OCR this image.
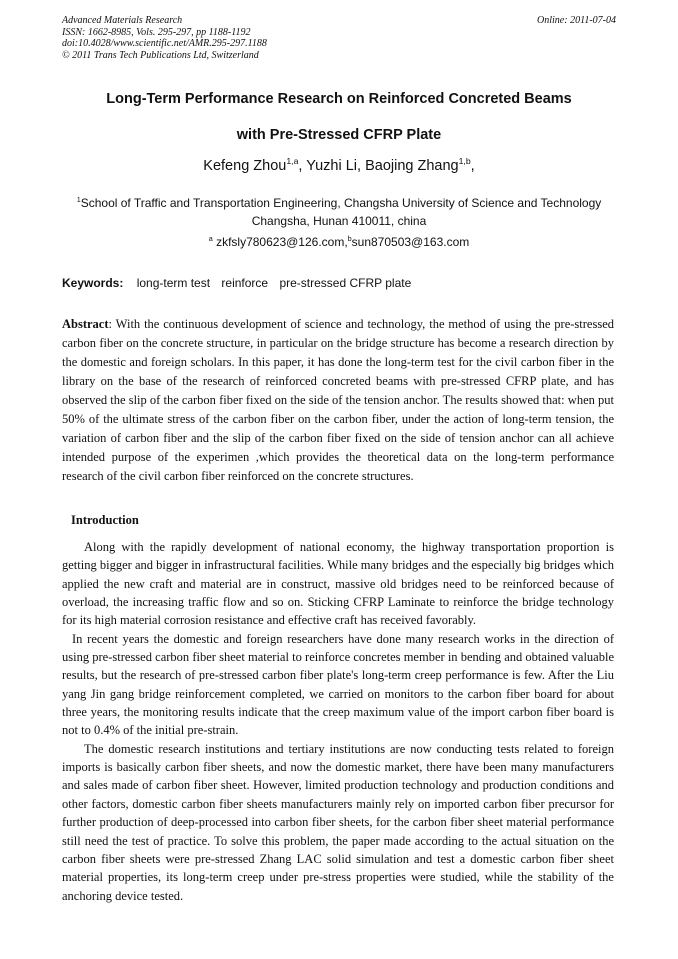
Advanced Materials Research
ISSN: 1662-8985, Vols. 295-297, pp 1188-1192
doi:10.4028/www.scientific.net/AMR.295-297.1188
© 2011 Trans Tech Publications Ltd, Switzerland
Online: 2011-07-04
Long-Term Performance Research on Reinforced Concreted Beams
with Pre-Stressed CFRP Plate
Kefeng Zhou$^{1,a}$, Yuzhi Li, Baojing Zhang$^{1,b}$,
$^1$School of Traffic and Transportation Engineering, Changsha University of Science and Technology
Changsha, Hunan 410011, china
$^a$ zkfsly780623@126.com,$^b$sun870503@163.com
Keywords: long-term test reinforce pre-stressed CFRP plate
Abstract: With the continuous development of science and technology, the method of using the pre-stressed carbon fiber on the concrete structure, in particular on the bridge structure has become a research direction by the domestic and foreign scholars. In this paper, it has done the long-term test for the civil carbon fiber in the library on the base of the research of reinforced concreted beams with pre-stressed CFRP plate, and has observed the slip of the carbon fiber fixed on the side of the tension anchor. The results showed that: when put 50% of the ultimate stress of the carbon fiber on the carbon fiber, under the action of long-term tension, the variation of carbon fiber and the slip of the carbon fiber fixed on the side of tension anchor can all achieve intended purpose of the experimen ,which provides the theoretical data on the long-term performance research of the civil carbon fiber reinforced on the concrete structures.
Introduction

Along with the rapidly development of national economy, the highway transportation proportion is getting bigger and bigger in infrastructural facilities. While many bridges and the especially big bridges which applied the new craft and material are in construct, massive old bridges need to be reinforced because of overload, the increasing traffic flow and so on. Sticking CFRP Laminate to reinforce the bridge technology for its high material corrosion resistance and effective craft has received favorably.

In recent years the domestic and foreign researchers have done many research works in the direction of using pre-stressed carbon fiber sheet material to reinforce concretes member in bending and obtained valuable results, but the research of pre-stressed carbon fiber plate's long-term creep performance is few. After the Liu yang Jin gang bridge reinforcement completed, we carried on monitors to the carbon fiber board for about three years, the monitoring results indicate that the creep maximum value of the import carbon fiber board is not to 0.4% of the initial pre-strain.

The domestic research institutions and tertiary institutions are now conducting tests related to foreign imports is basically carbon fiber sheets, and now the domestic market, there have been many manufacturers and sales made of carbon fiber sheet. However, limited production technology and production conditions and other factors, domestic carbon fiber sheets manufacturers mainly rely on imported carbon fiber precursor for further production of deep-processed into carbon fiber sheets, for the carbon fiber sheet material performance still need the test of practice. To solve this problem, the paper made according to the actual situation on the carbon fiber sheets were pre-stressed Zhang LAC solid simulation and test a domestic carbon fiber sheet material properties, its long-term creep under pre-stress properties were studied, while the stability of the anchoring device tested.
